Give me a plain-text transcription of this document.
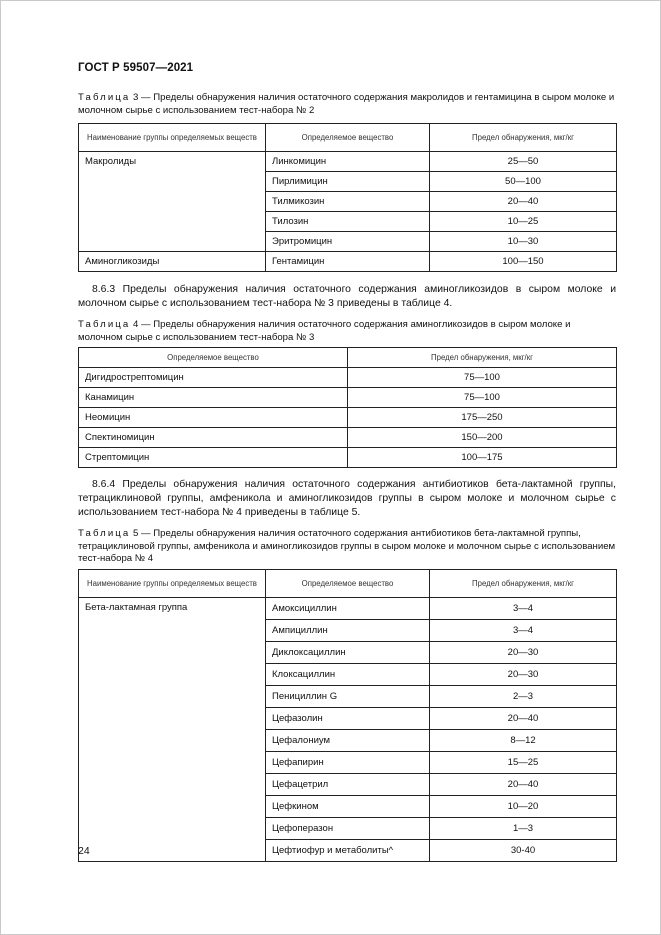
ГОСТ Р 59507—2021
Таблица 3 — Пределы обнаружения наличия остаточного содержания макролидов и гентамицина в сыром молоке и молочном сырье с использованием тест-набора № 2
Наименование группы определяемых веществ	Определяемое вещество	Предел обнаружения, мкг/кг
Макролиды	Линкомицин	25—50
	Пирлимицин	50—100
	Тилмикозин	20—40
	Тилозин	10—25
	Эритромицин	10—30
Аминогликозиды	Гентамицин	100—150
8.6.3 Пределы обнаружения наличия остаточного содержания аминогликозидов в сыром молоке и молочном сырье с использованием тест-набора № 3 приведены в таблице 4.
Таблица 4 — Пределы обнаружения наличия остаточного содержания аминогликозидов в сыром молоке и молочном сырье с использованием тест-набора № 3
Определяемое вещество	Предел обнаружения, мкг/кг
Дигидрострептомицин	75—100
Канамицин	75—100
Неомицин	175—250
Спектиномицин	150—200
Стрептомицин	100—175
8.6.4 Пределы обнаружения наличия остаточного содержания антибиотиков бета-лактамной группы, тетрациклиновой группы, амфеникола и аминогликозидов группы в сыром молоке и молочном сырье с использованием тест-набора № 4 приведены в таблице 5.
Таблица 5 — Пределы обнаружения наличия остаточного содержания антибиотиков бета-лактамной группы, тетрациклиновой группы, амфеникола и аминогликозидов группы в сыром молоке и молочном сырье с использованием тест-набора № 4
Наименование группы определяемых веществ	Определяемое вещество	Предел обнаружения, мкг/кг
Бета-лактамная группа	Амоксициллин	3—4
	Ампициллин	3—4
	Диклоксациллин	20—30
	Клоксациллин	20—30
	Пенициллин G	2—3
	Цефазолин	20—40
	Цефалониум	8—12
	Цефапирин	15—25
	Цефацетрил	20—40
	Цефкином	10—20
	Цефоперазон	1—3
	Цефтиофур и метаболиты^	30-40
24
